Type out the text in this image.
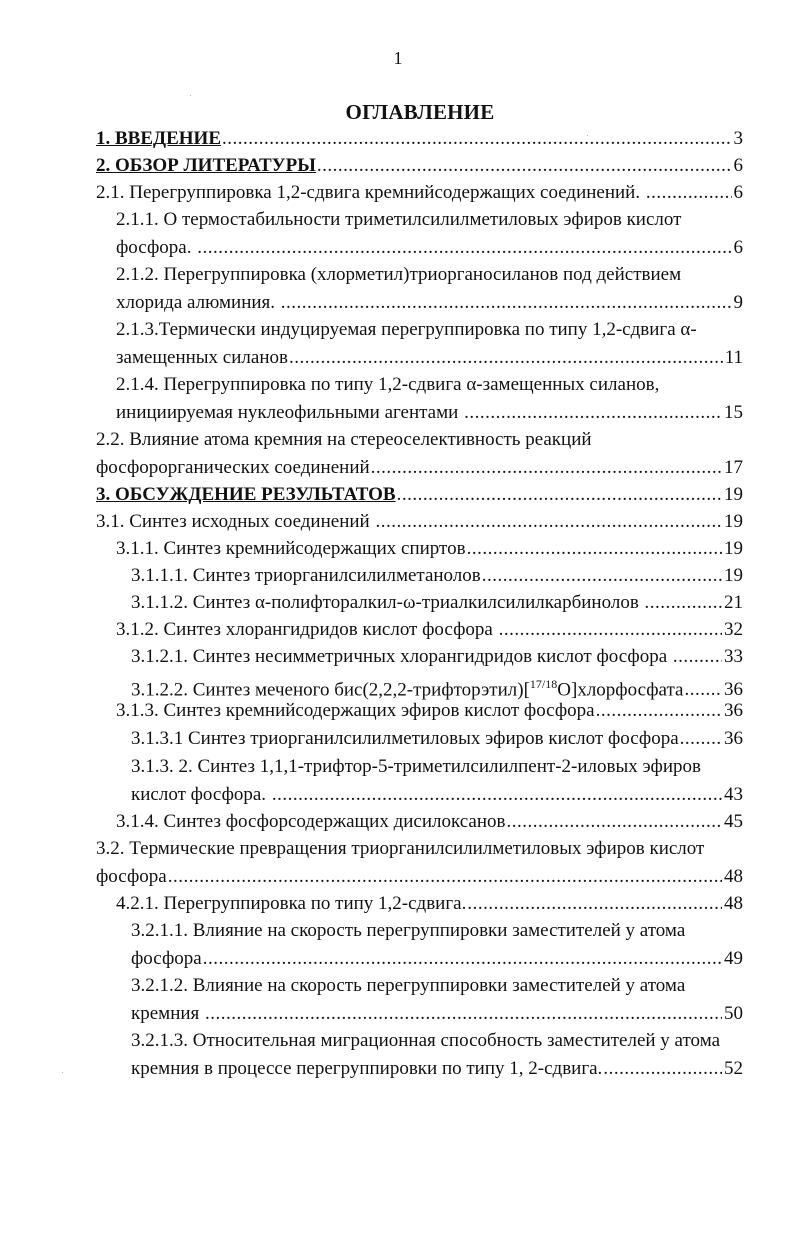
1
ОГЛАВЛЕНИЕ
1. ВВЕДЕНИЕ .....	3
2. ОБЗОР ЛИТЕРАТУРЫ .....	6
2.1. Перегруппировка 1,2-сдвига кремнийсодержащих соединений. .....	6
2.1.1. О термостабильности триметилсилилметиловых эфиров кислот
фосфора. .....	6
2.1.2. Перегруппировка (хлорметил)триорганосиланов под действием
хлорида алюминия. .....	9
2.1.3.Термически индуцируемая перегруппировка по типу 1,2-сдвига α-
замещенных силанов .....	11
2.1.4. Перегруппировка по типу 1,2-сдвига α-замещенных силанов,
инициируемая нуклеофильными агентами .....	15
2.2. Влияние атома кремния на стереоселективность реакций
фосфорорганических соединений .....	17
3. ОБСУЖДЕНИЕ РЕЗУЛЬТАТОВ .....	19
3.1. Синтез исходных соединений .....	19
3.1.1. Синтез кремнийсодержащих спиртов .....	19
3.1.1.1. Синтез триорганилсилилметанолов .....	19
3.1.1.2. Синтез α-полифторалкил-ω-триалкилсилилкарбинолов .....	21
3.1.2. Синтез хлорангидридов кислот фосфора .....	32
3.1.2.1. Синтез несимметричных хлорангидридов кислот фосфора .....	33
3.1.2.2. Синтез меченого бис(2,2,2-трифторэтил)[$^{17/18}$O]хлорфосфата ..... 36
3.1.3. Синтез кремнийсодержащих эфиров кислот фосфора .....	36
3.1.3.1 Синтез триорганилсилилметиловых эфиров кислот фосфора ..... 36
3.1.3. 2. Синтез 1,1,1-трифтор-5-триметилсилилпент-2-иловых эфиров
кислот фосфора. .....	43
3.1.4. Синтез фосфорсодержащих дисилоксанов .....	45
3.2. Термические превращения триорганилсилилметиловых эфиров кислот
фосфора .....	48
4.2.1. Перегруппировка по типу 1,2-сдвига. .....	48
3.2.1.1. Влияние на скорость перегруппировки заместителей у атома
фосфора .....	49
3.2.1.2. Влияние на скорость перегруппировки заместителей у атома
кремния .....	50
3.2.1.3. Относительная миграционная способность заместителей у атома
кремния в процессе перегруппировки по типу 1, 2-сдвига. .....	52
